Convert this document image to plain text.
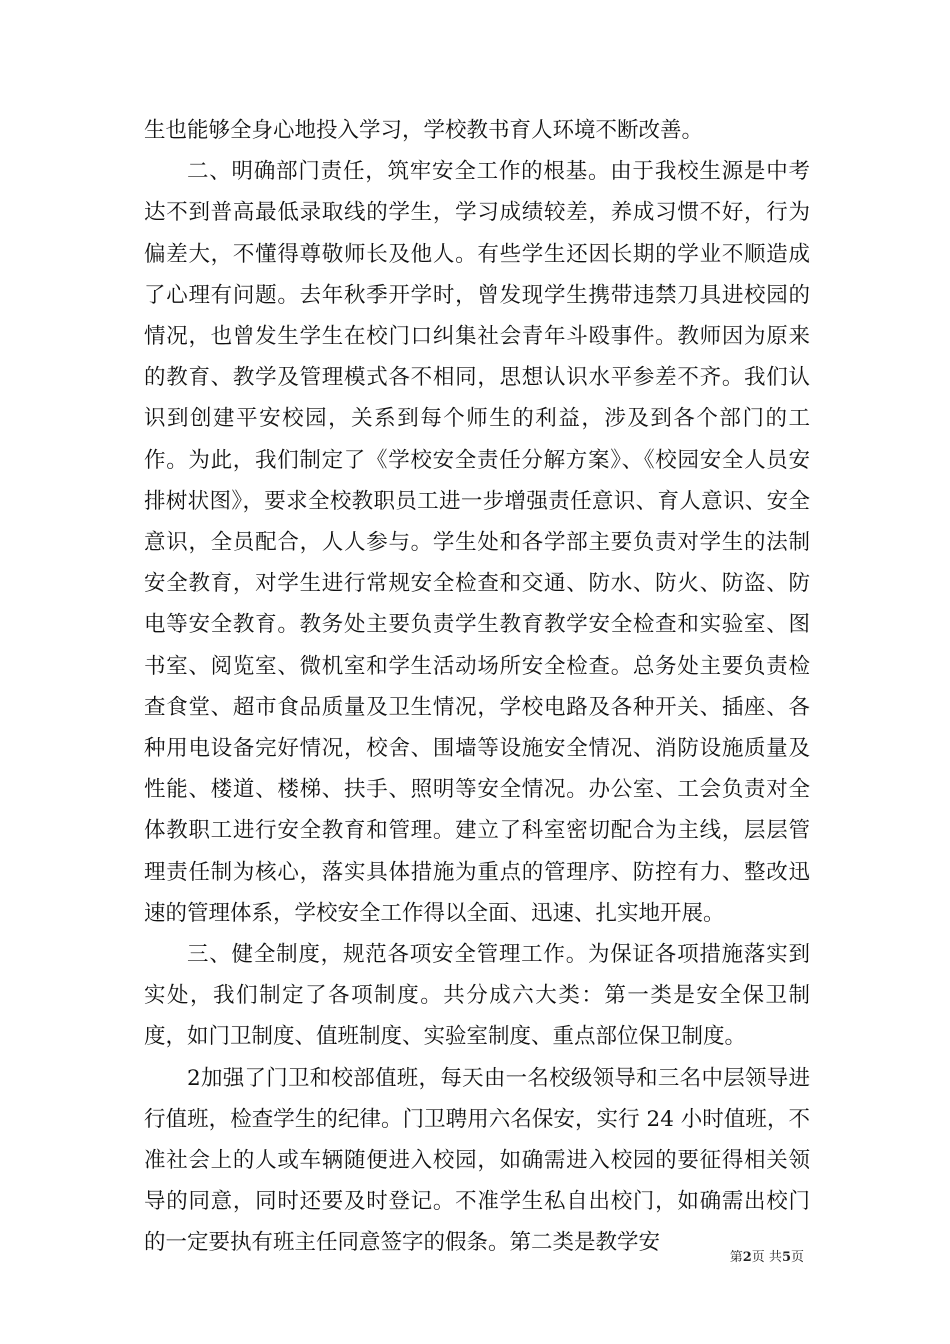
生也能够全身心地投入学习，学校教书育人环境不断改善。

二、明确部门责任，筑牢安全工作的根基。由于我校生源是中考达不到普高最低录取线的学生，学习成绩较差，养成习惯不好，行为偏差大，不懂得尊敬师长及他人。有些学生还因长期的学业不顺造成了心理有问题。去年秋季开学时，曾发现学生携带违禁刀具进校园的情况，也曾发生学生在校门口纠集社会青年斗殴事件。教师因为原来的教育、教学及管理模式各不相同，思想认识水平参差不齐。我们认识到创建平安校园，关系到每个师生的利益，涉及到各个部门的工作。为此，我们制定了《学校安全责任分解方案》、《校园安全人员安排树状图》，要求全校教职员工进一步增强责任意识、育人意识、安全意识，全员配合，人人参与。学生处和各学部主要负责对学生的法制安全教育，对学生进行常规安全检查和交通、防水、防火、防盗、防电等安全教育。教务处主要负责学生教育教学安全检查和实验室、图书室、阅览室、微机室和学生活动场所安全检查。总务处主要负责检查食堂、超市食品质量及卫生情况，学校电路及各种开关、插座、各种用电设备完好情况，校舍、围墙等设施安全情况、消防设施质量及性能、楼道、楼梯、扶手、照明等安全情况。办公室、工会负责对全体教职工进行安全教育和管理。建立了科室密切配合为主线，层层管理责任制为核心，落实具体措施为重点的管理序、防控有力、整改迅速的管理体系，学校安全工作得以全面、迅速、扎实地开展。

三、健全制度，规范各项安全管理工作。为保证各项措施落实到实处，我们制定了各项制度。共分成六大类：第一类是安全保卫制度，如门卫制度、值班制度、实验室制度、重点部位保卫制度。

2加强了门卫和校部值班，每天由一名校级领导和三名中层领导进行值班，检查学生的纪律。门卫聘用六名保安，实行 24 小时值班，不准社会上的人或车辆随便进入校园，如确需进入校园的要征得相关领导的同意，同时还要及时登记。不准学生私自出校门，如确需出校门的一定要执有班主任同意签字的假条。第二类是教学安

第2页 共5页
